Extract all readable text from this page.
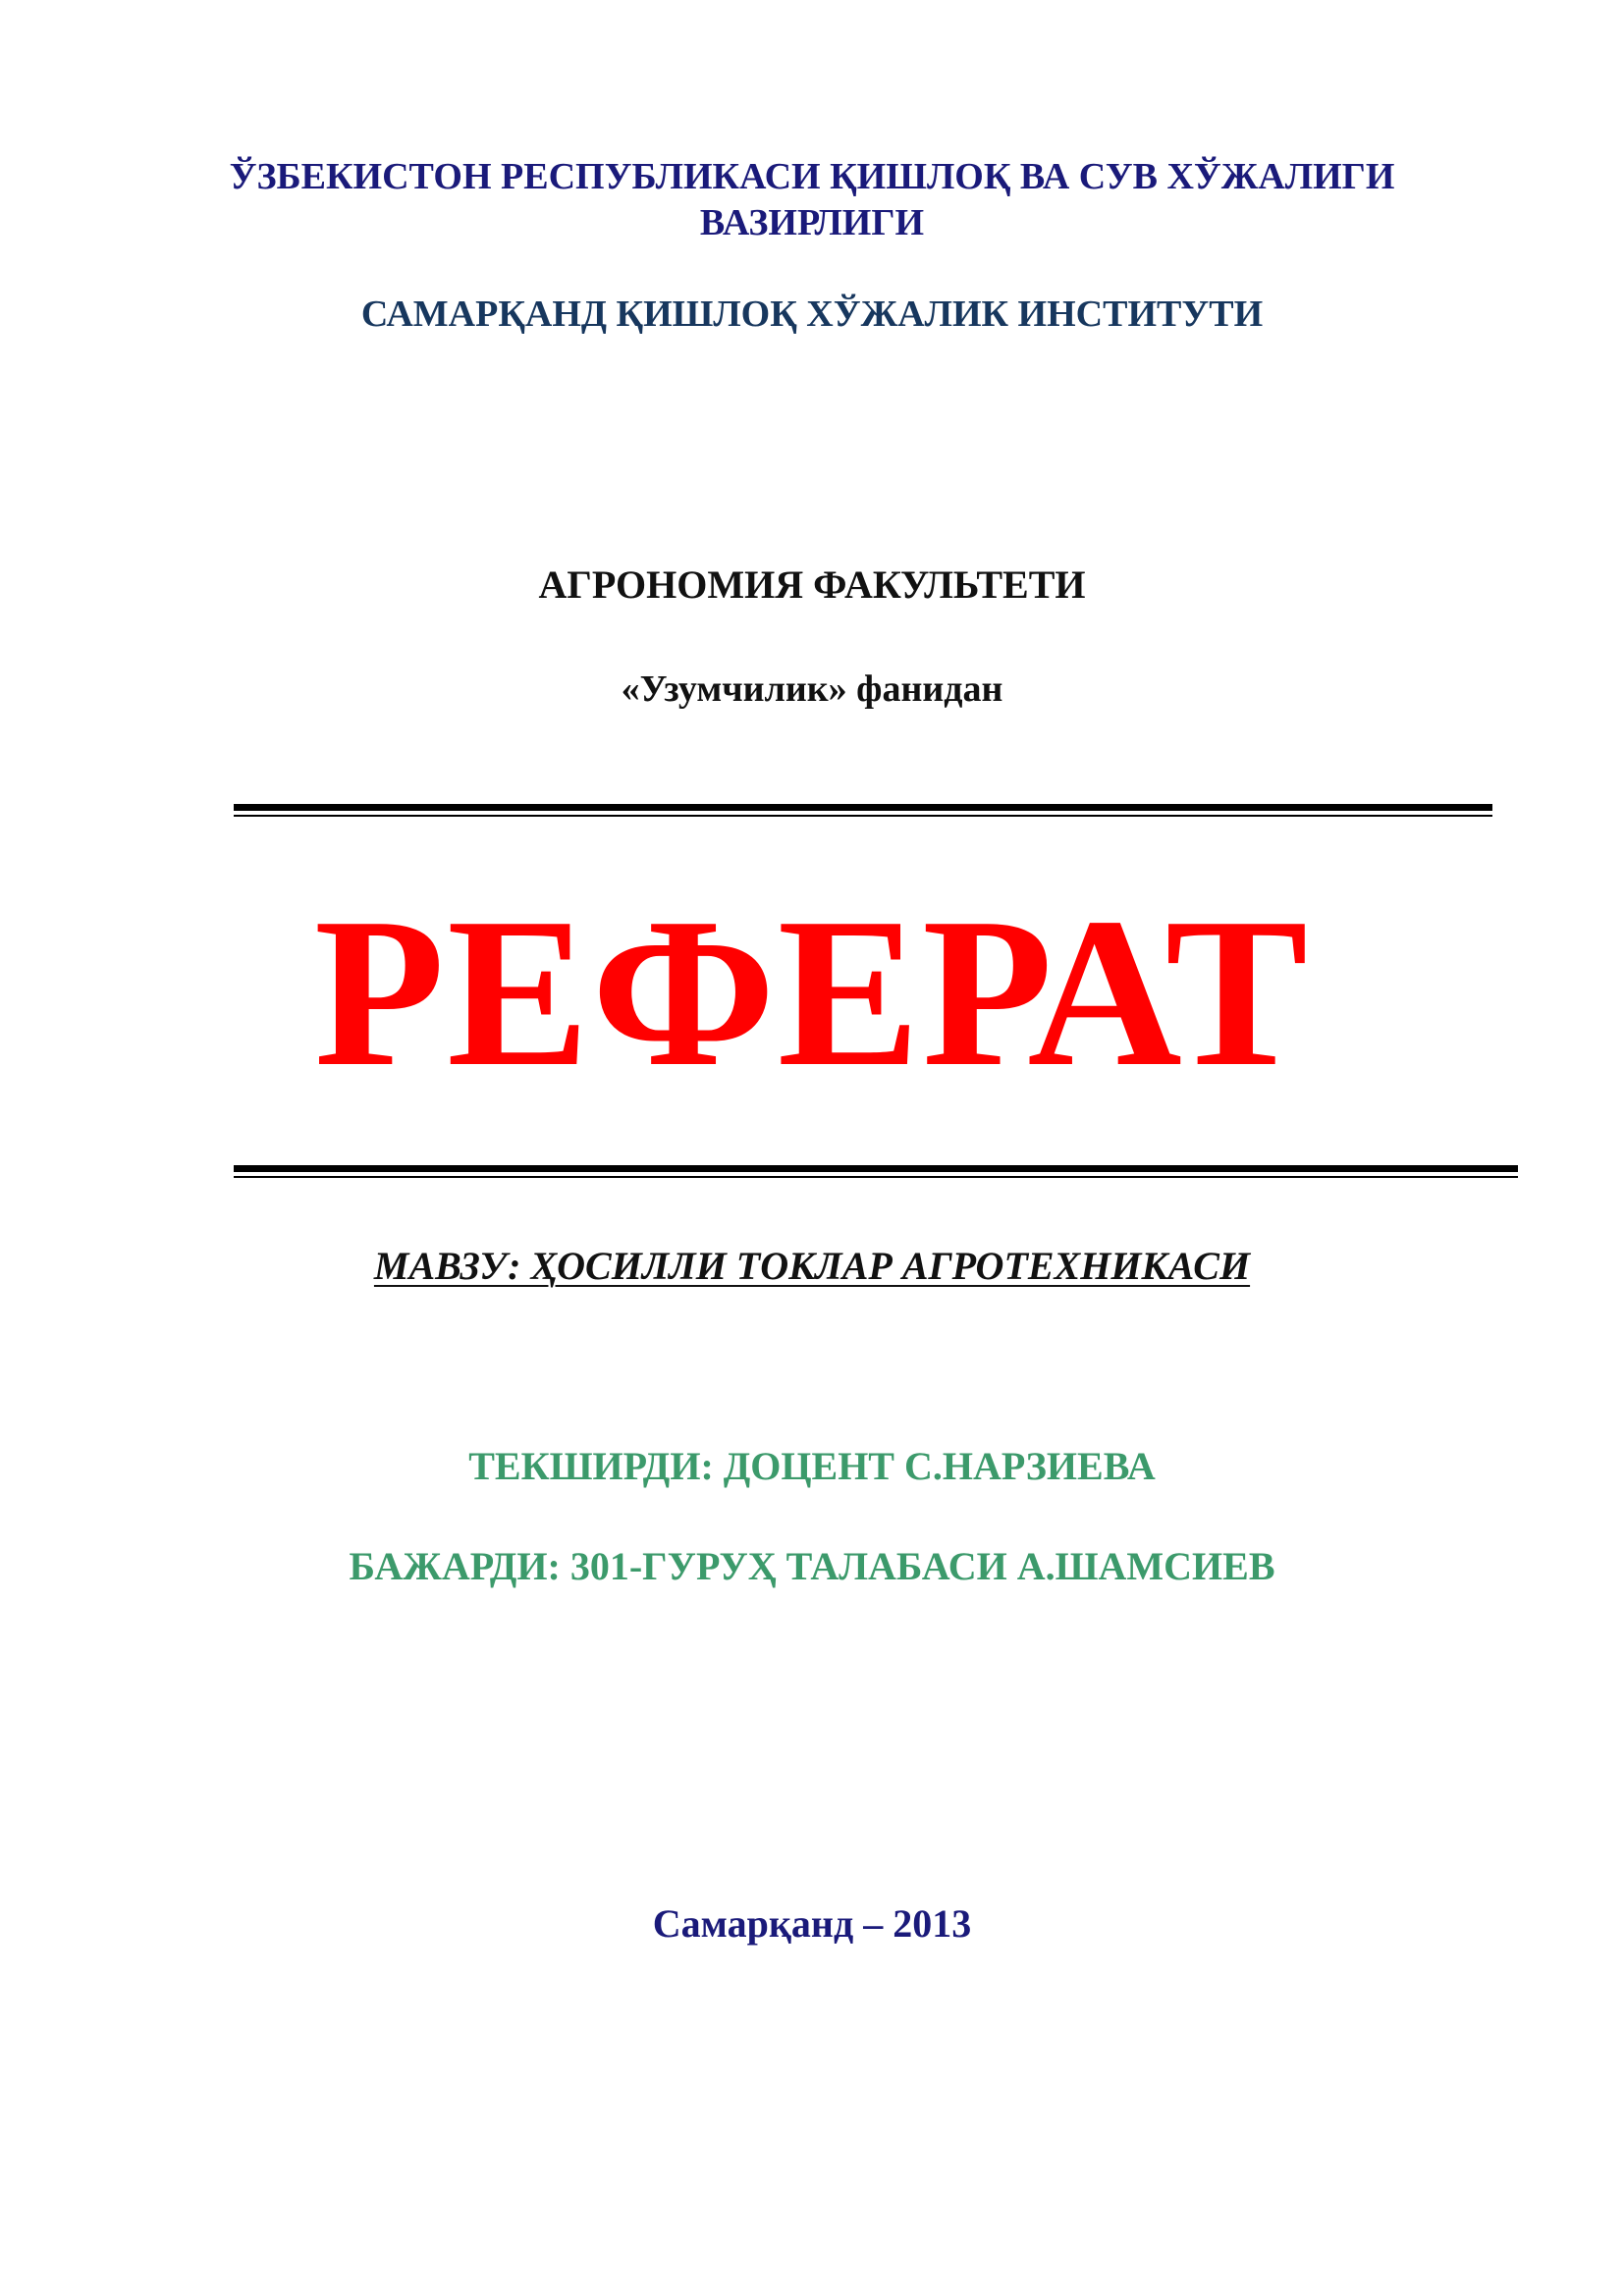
ЎЗБЕКИСТОН РЕСПУБЛИКАСИ ҚИШЛОҚ ВА СУВ ХЎЖАЛИГИ
ВАЗИРЛИГИ
САМАРҚАНД ҚИШЛОҚ ХЎЖАЛИК ИНСТИТУТИ
АГРОНОМИЯ ФАКУЛЬТЕТИ
«Узумчилик» фанидан
РЕФЕРАТ
МАВЗУ: ҲОСИЛЛИ ТОКЛАР АГРОТЕХНИКАСИ
ТЕКШИРДИ: ДОЦЕНТ С.НАРЗИЕВА
БАЖАРДИ: 301-ГУРУҲ ТАЛАБАСИ А.ШАМСИЕВ
Самарқанд – 2013
